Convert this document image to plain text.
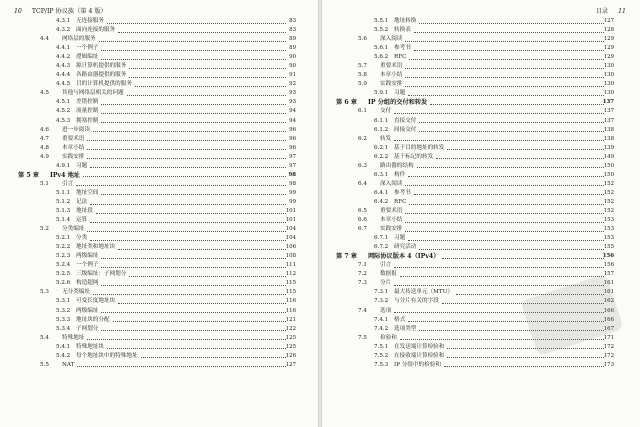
10 TCP/IP 协议族（第 4 版）
4.3.1 无连接服务	83
4.3.2 面向连接的服务	83
4.4 网络层的服务	89
4.4.1 一个例子	89
4.4.2 逻辑编址	90
4.4.3 源计算机提供的服务	90
4.4.4 各路由器提供的服务	91
4.4.5 目的计算机提供的服务	92
4.5 其他与网络层相关的问题	93
4.5.1 差错控制	93
4.5.2 流量控制	94
4.5.3 拥塞控制	94
4.6 进一步阅读	96
4.7 重要术语	96
4.8 本章小结	96
4.9 实践安排	97
4.9.1 习题	97
第 5 章 IPv4 地址	98
5.1 引言	98
5.1.1 地址空间	99
5.1.2 记法	99
5.1.3 地址段	101
5.1.4 运算	101
5.2 分类编址	104
5.2.1 分类	104
5.2.2 地址类和地址块	106
5.2.3 两级编址	108
5.2.4 一个例子	111
5.2.5 三级编址：子网划分	112
5.2.6 构造超网	115
5.3 无分类编址	115
5.3.1 可变长度地址块	116
5.3.2 两级编址	116
5.3.3 地址块的分配	121
5.3.4 子网划分	122
5.4 特殊地址	125
5.4.1 特殊地址块	125
5.4.2 每个地址块中的特殊地址	126
5.5 NAT	127
目录 11
5.5.1 地址转换	127
5.5.2 转换表	128
5.6 深入阅读	129
5.6.1 参考书	129
5.6.2 RFC	129
5.7 重要术语	130
5.8 本章小结	130
5.9 实践安排	130
5.9.1 习题	130
第 6 章 IP 分组的交付和转发	137
6.1 交付	137
6.1.1 直接交付	137
6.1.2 间接交付	138
6.2 转发	138
6.2.1 基于目的地址的转发	139
6.2.2 基于标记的转发	149
6.3 路由器的结构	150
6.3.1 构件	150
6.4 深入阅读	152
6.4.1 参考书	152
6.4.2 RFC	152
6.5 重要术语	152
6.6 本章小结	153
6.7 实践安排	153
6.7.1 习题	153
6.7.2 研究活动	155
第 7 章 网际协议版本 4（IPv4）	156
7.1 引言	156
7.2 数据报	157
7.3 分片	161
7.3.1 最大传送单元（MTU）	161
7.3.2 与分片有关的字段	162
7.4 选项	166
7.4.1 格式	166
7.4.2 选项类型	167
7.5 检验和	171
7.5.1 在发送端计算检验和	172
7.5.2 在接收端计算检验和	172
7.5.3 IP 分组中的检验和	173
